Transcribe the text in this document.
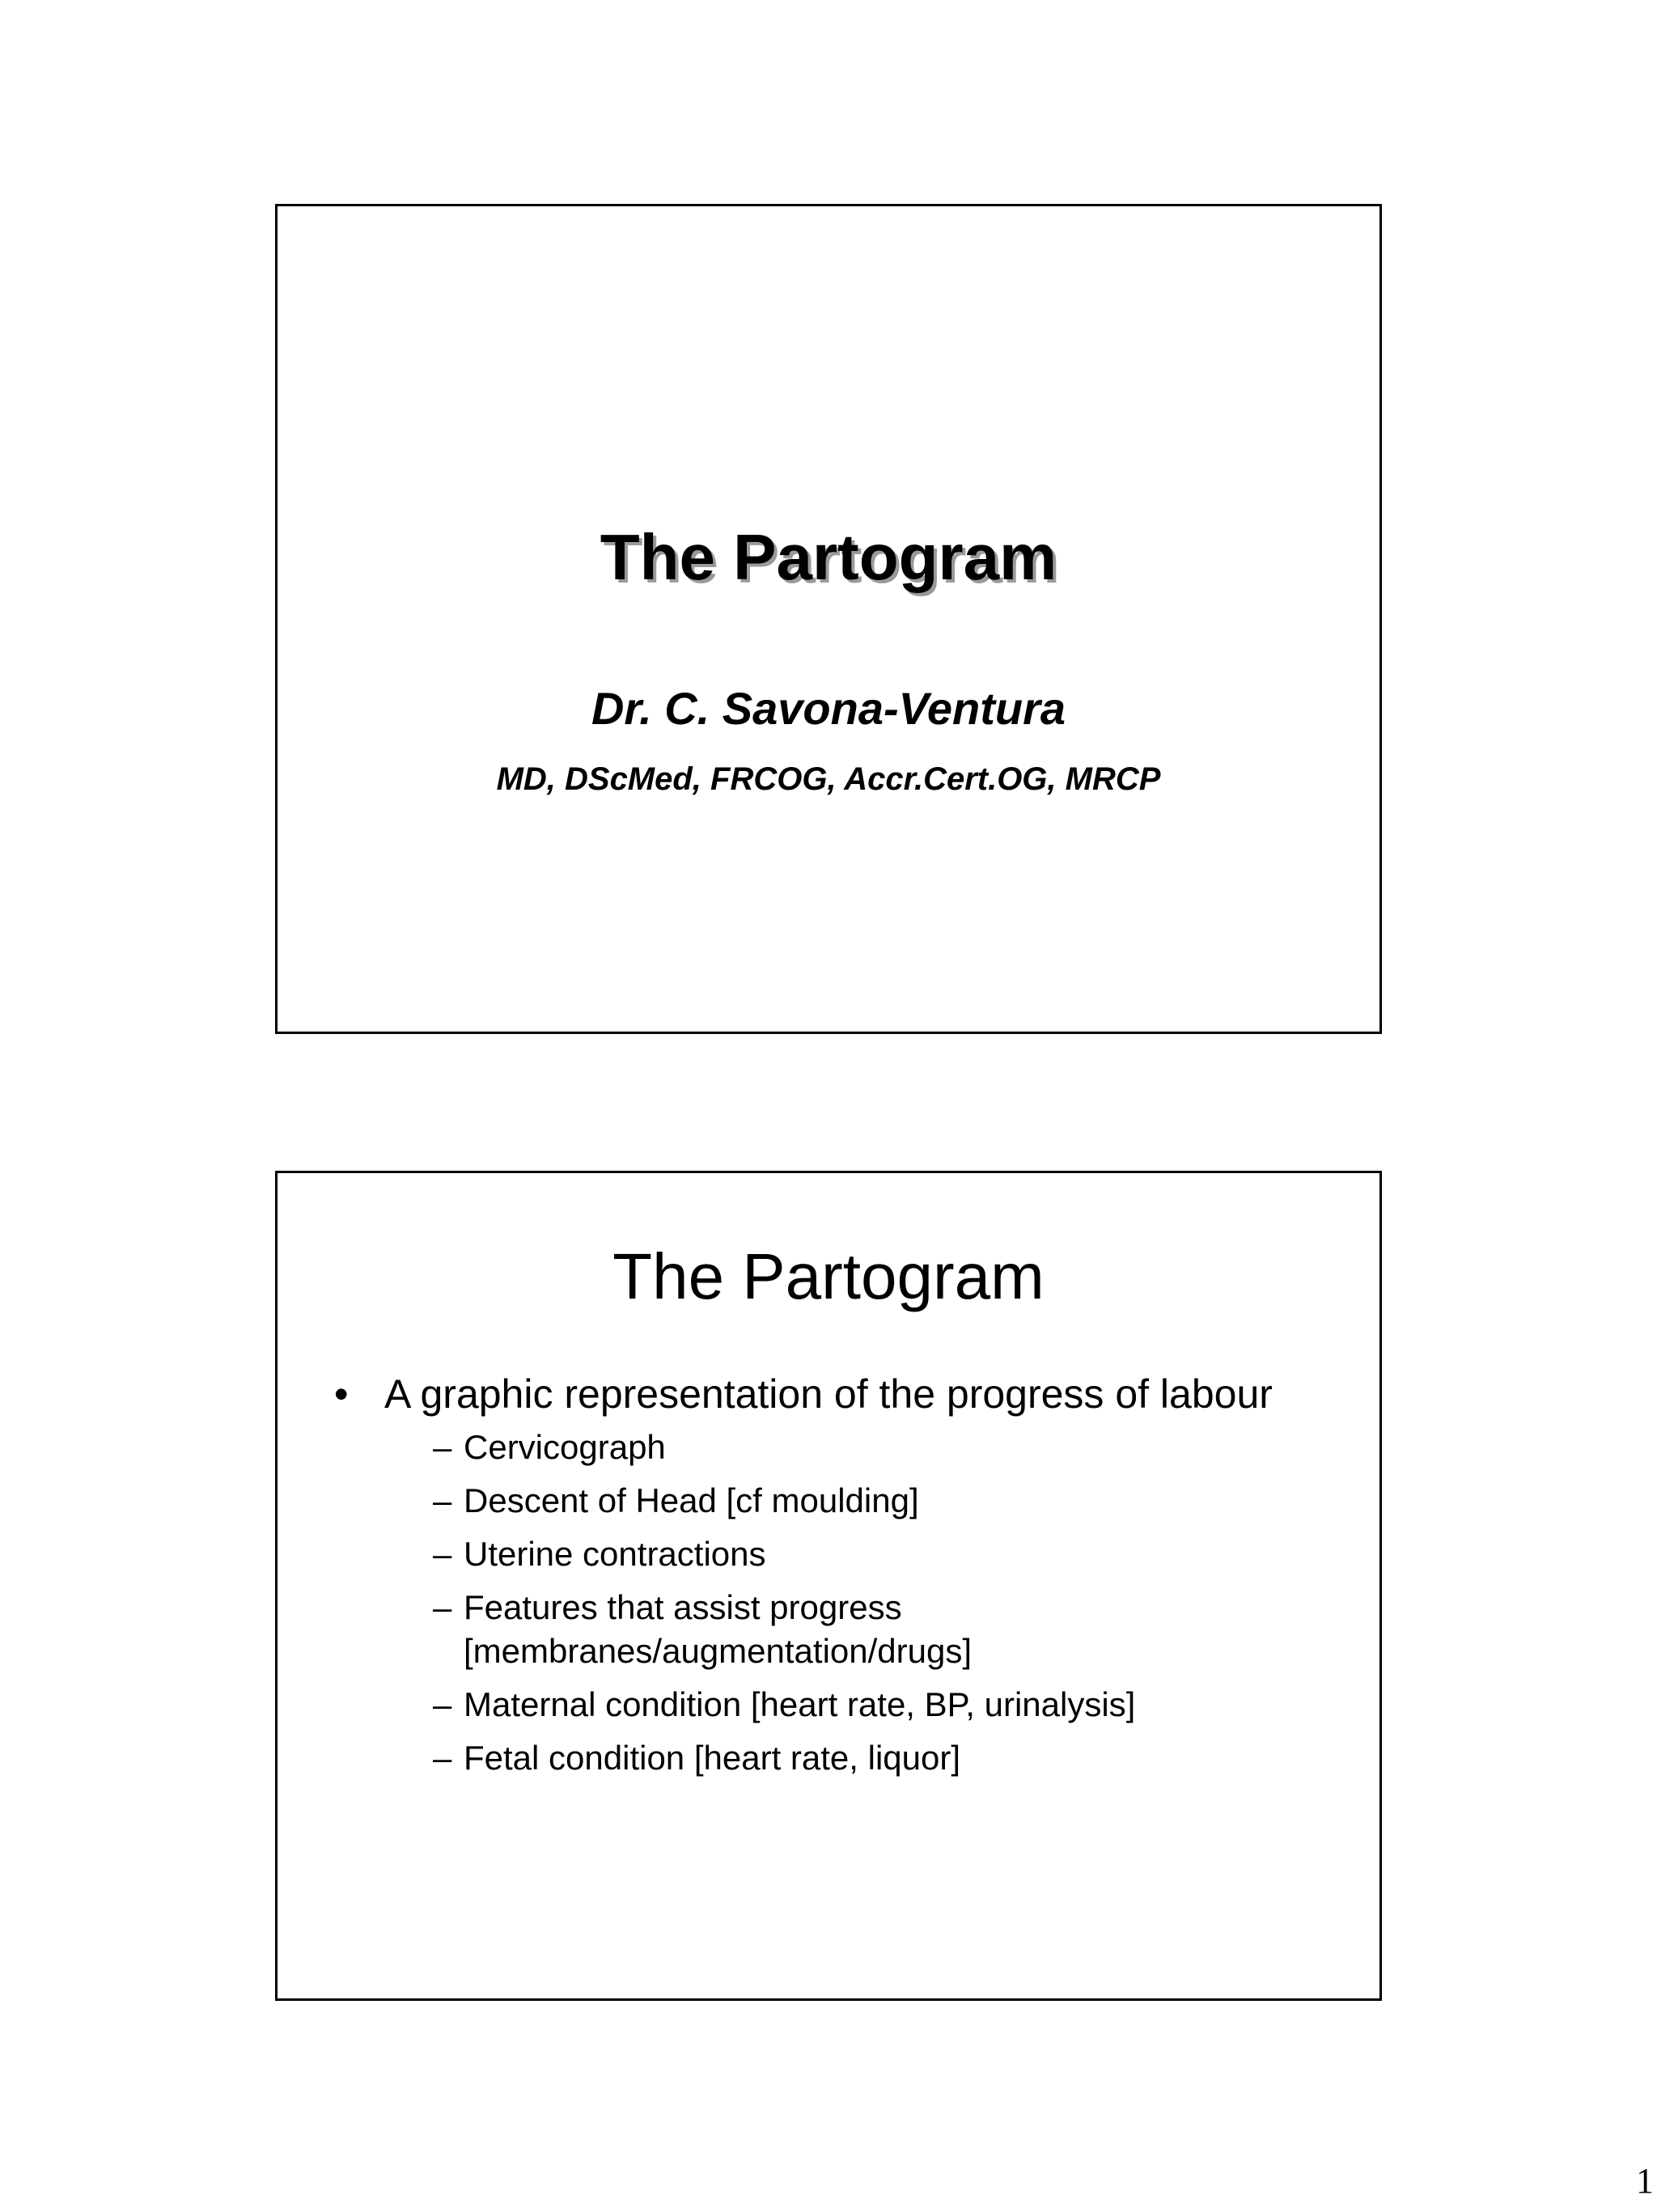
The Partogram
Dr. C. Savona-Ventura
MD, DScMed, FRCOG, Accr.Cert.OG, MRCP
The Partogram
• A graphic representation of the progress of labour
– Cervicograph
– Descent of Head [cf moulding]
– Uterine contractions
– Features that assist progress [membranes/augmentation/drugs]
– Maternal condition [heart rate, BP, urinalysis]
– Fetal condition [heart rate, liquor]
1
